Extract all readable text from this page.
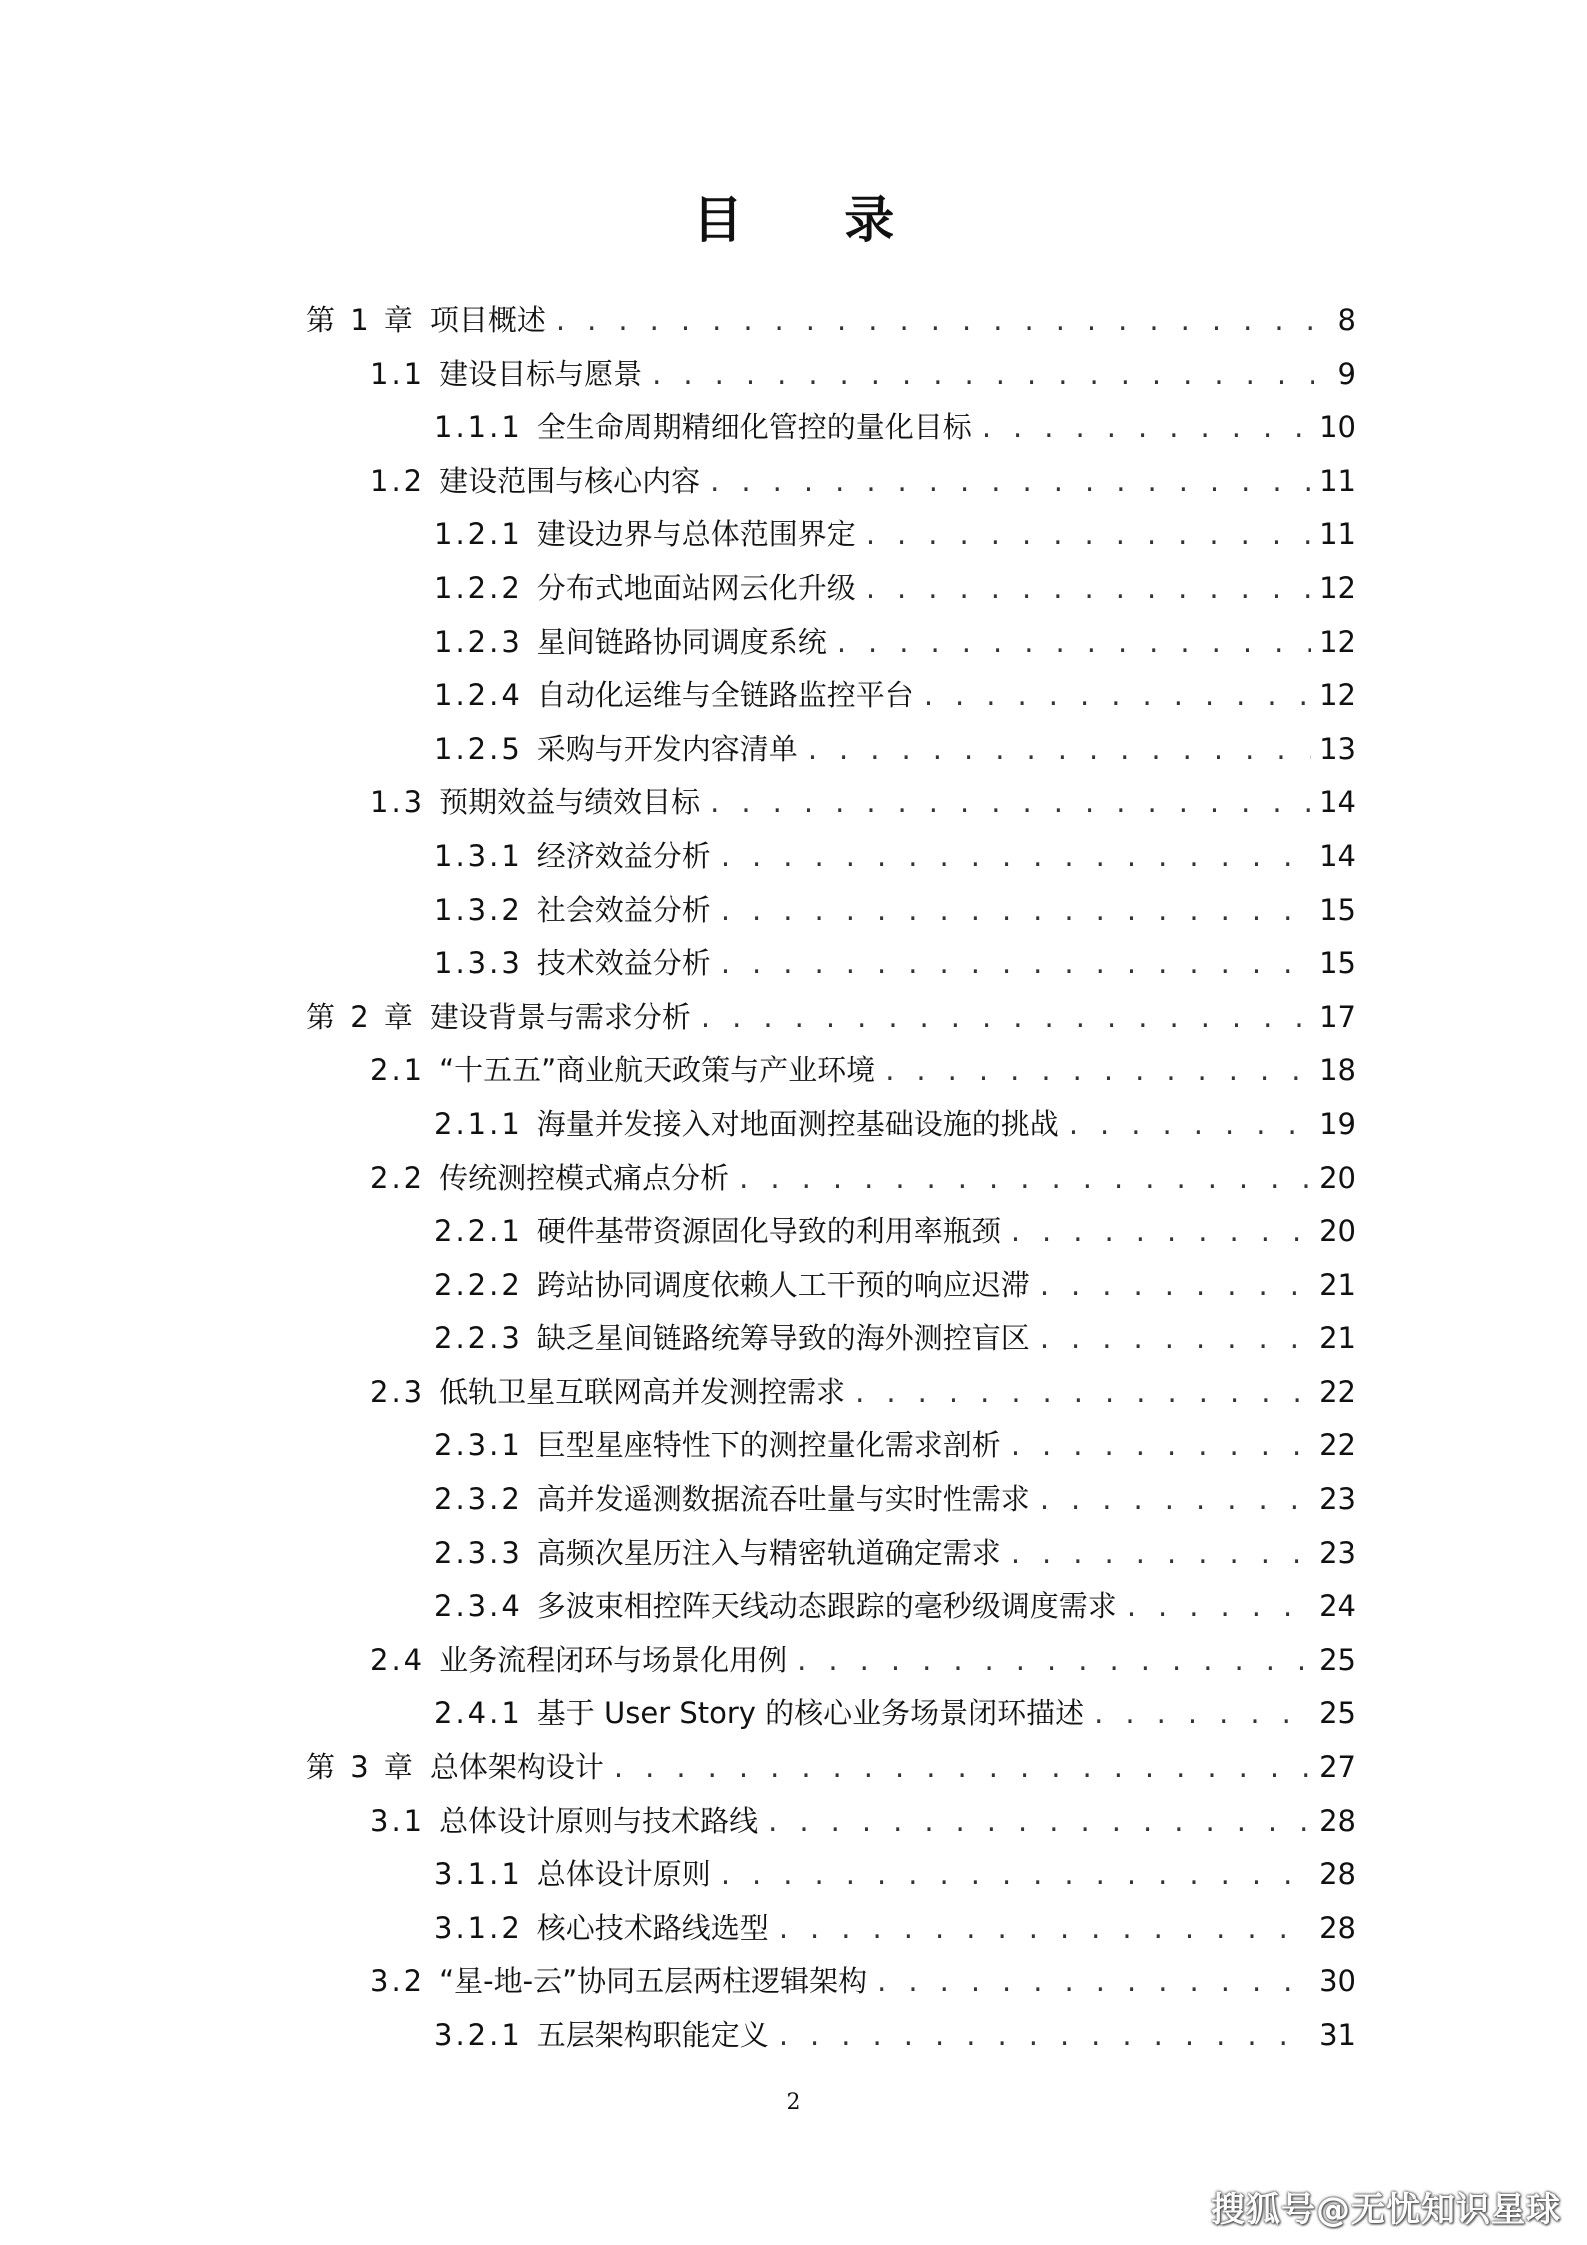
目 录
第 1 章 项目概述 . . .	8
1.1 建设目标与愿景 . . .	9
1.1.1 全生命周期精细化管控的量化目标 . . .	10
1.2 建设范围与核心内容 . . .	11
1.2.1 建设边界与总体范围界定 . . .	11
1.2.2 分布式地面站网云化升级 . . .	12
1.2.3 星间链路协同调度系统 . . .	12
1.2.4 自动化运维与全链路监控平台 . . .	12
1.2.5 采购与开发内容清单 . . .	13
1.3 预期效益与绩效目标 . . .	14
1.3.1 经济效益分析 . . .	14
1.3.2 社会效益分析 . . .	15
1.3.3 技术效益分析 . . .	15
第 2 章 建设背景与需求分析 . . .	17
2.1 “十五五”商业航天政策与产业环境 . . .	18
2.1.1 海量并发接入对地面测控基础设施的挑战 . . .	19
2.2 传统测控模式痛点分析 . . .	20
2.2.1 硬件基带资源固化导致的利用率瓶颈 . . .	20
2.2.2 跨站协同调度依赖人工干预的响应迟滞 . . .	21
2.2.3 缺乏星间链路统筹导致的海外测控盲区 . . .	21
2.3 低轨卫星互联网高并发测控需求 . . .	22
2.3.1 巨型星座特性下的测控量化需求剖析 . . .	22
2.3.2 高并发遥测数据流吞吐量与实时性需求 . . .	23
2.3.3 高频次星历注入与精密轨道确定需求 . . .	23
2.3.4 多波束相控阵天线动态跟踪的毫秒级调度需求 . . .	24
2.4 业务流程闭环与场景化用例 . . .	25
2.4.1 基于 User Story 的核心业务场景闭环描述 . . .	25
第 3 章 总体架构设计 . . .	27
3.1 总体设计原则与技术路线 . . .	28
3.1.1 总体设计原则 . . .	28
3.1.2 核心技术路线选型 . . .	28
3.2 “星-地-云”协同五层两柱逻辑架构 . . .	30
3.2.1 五层架构职能定义 . . .	31
2
搜狐号@无忧知识星球
